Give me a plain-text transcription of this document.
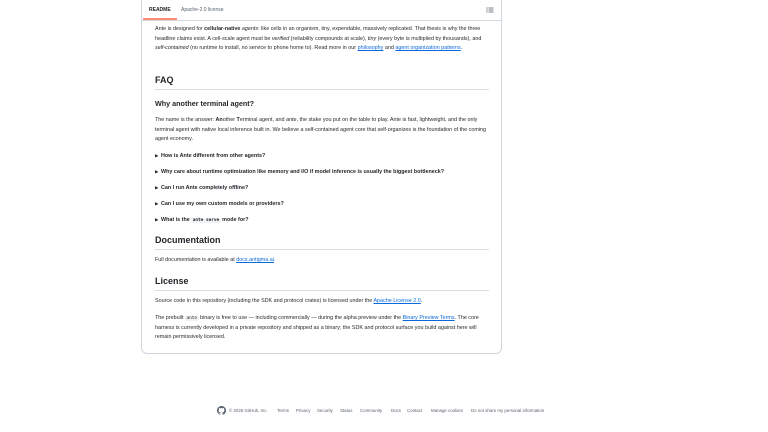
README	Apache-2.0 license

Ante is designed for cellular-native agents: like cells in an organism, tiny, expendable, massively replicated. That thesis is why the three headline claims exist. A cell-scale agent must be verified (reliability compounds at scale), tiny (every byte is multiplied by thousands), and self-contained (no runtime to install, no service to phone home to). Read more in our philosophy and agent organization patterns.

FAQ
Why another terminal agent?

The name is the answer: Another Terminal agent, and ante, the stake you put on the table to play. Ante is fast, lightweight, and the only terminal agent with native local inference built in. We believe a self-contained agent core that self-organizes is the foundation of the coming agent economy.

▶ How is Ante different from other agents?
▶ Why care about runtime optimization like memory and I/O if model inference is usually the biggest bottleneck?
▶ Can I run Ante completely offline?
▶ Can I use my own custom models or providers?
▶ What is the ante serve mode for?
Documentation

Full documentation is available at docs.antigma.ai.

License

Source code in this repository (including the SDK and protocol crates) is licensed under the Apache License 2.0.

The prebuilt ante binary is free to use — including commercially — during the alpha preview under the Binary Preview Terms. The core harness is currently developed in a private repository and shipped as a binary; the SDK and protocol surface you build against here will remain permissively licensed.

© 2026 GitHub, Inc. Terms Privacy Security Status Community Docs Contact Manage cookies Do not share my personal information
